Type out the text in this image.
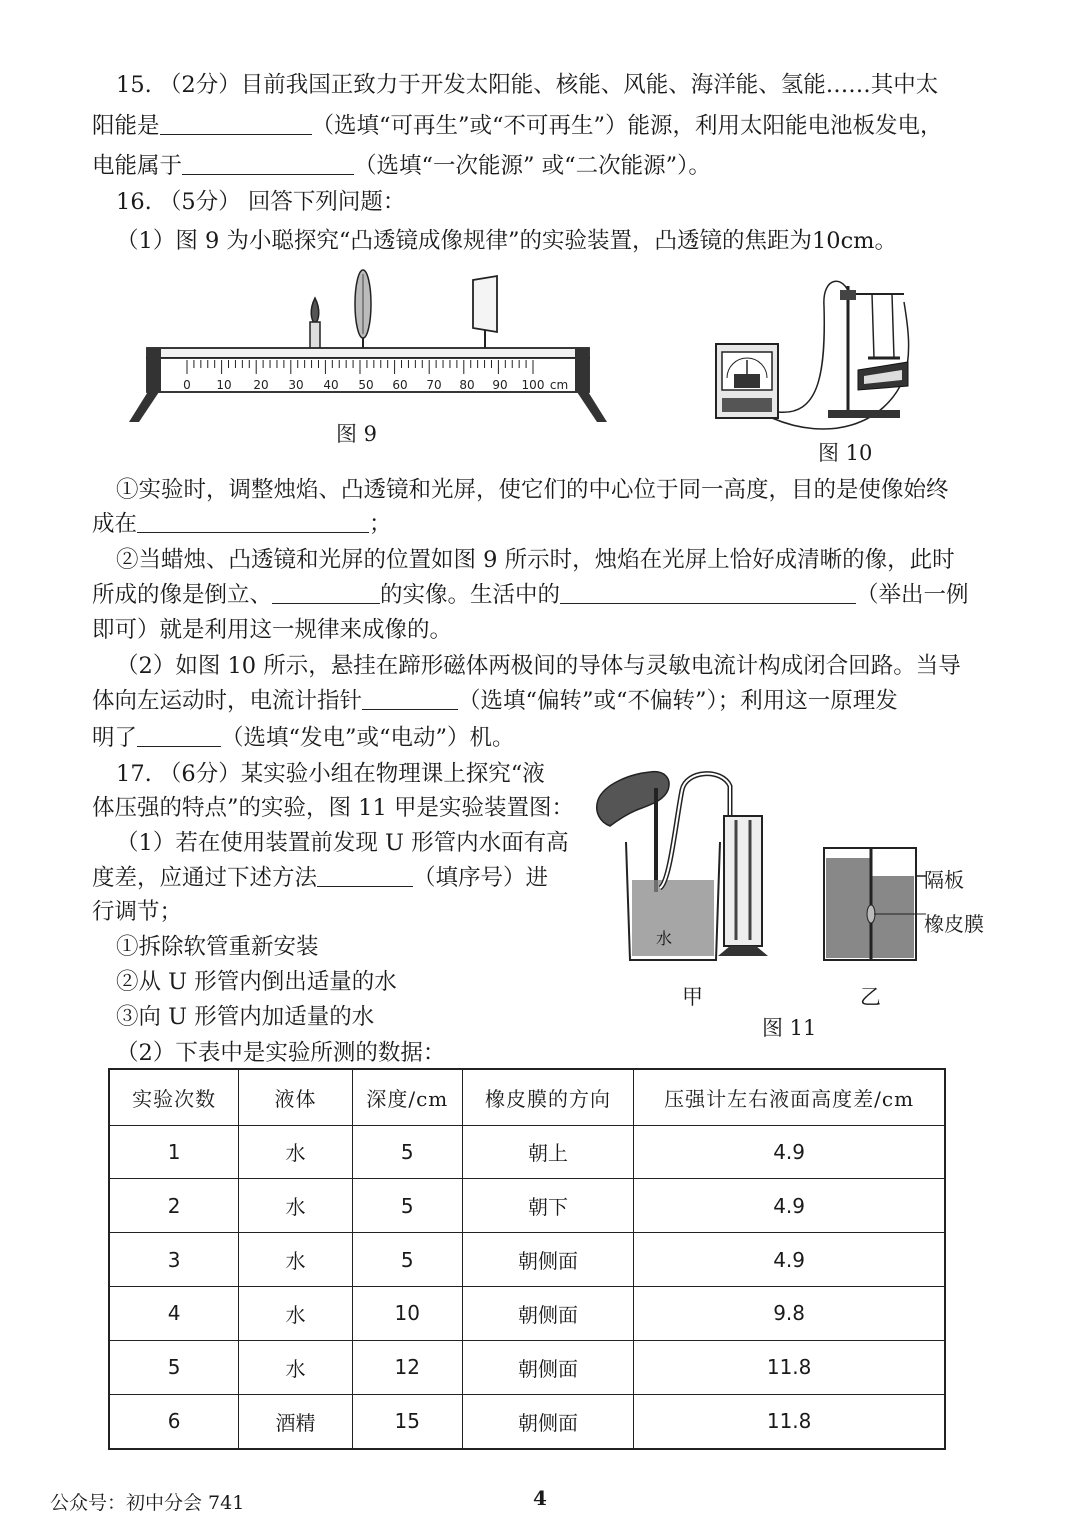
15. （2分）目前我国正致力于开发太阳能、核能、风能、海洋能、氢能……其中太
阳能是	（选填“可再生”或“不可再生”）能源，利用太阳能电池板发电，
电能属于	（选填“一次能源” 或“二次能源”）。
16. （5分） 回答下列问题：
（1）图 9 为小聪探究“凸透镜成像规律”的实验装置，凸透镜的焦距为10cm。
0 10 20 30 40 50 60 70 80 90 100 cm
图 9
图 10
①实验时，调整烛焰、凸透镜和光屏，使它们的中心位于同一高度，目的是使像始终
成在	；
②当蜡烛、凸透镜和光屏的位置如图 9 所示时，烛焰在光屏上恰好成清晰的像，此时
所成的像是倒立、	的实像。生活中的	（举出一例
即可）就是利用这一规律来成像的。
（2）如图 10 所示，悬挂在蹄形磁体两极间的导体与灵敏电流计构成闭合回路。当导
体向左运动时，电流计指针	（选填“偏转”或“不偏转”）；利用这一原理发
明了	（选填“发电”或“电动”）机。
17. （6分）某实验小组在物理课上探究“液
体压强的特点”的实验，图 11 甲是实验装置图：
（1）若在使用装置前发现 U 形管内水面有高
度差，应通过下述方法	（填序号）进
行调节；
①拆除软管重新安装
②从 U 形管内倒出适量的水
③向 U 形管内加适量的水
（2）下表中是实验所测的数据：
水
隔板
橡皮膜
甲	乙
图 11
实验次数	液体	深度/cm	橡皮膜的方向	压强计左右液面高度差/cm
1	水	5	朝上	4.9
2	水	5	朝下	4.9
3	水	5	朝侧面	4.9
4	水	10	朝侧面	9.8
5	水	12	朝侧面	11.8
6	酒精	15	朝侧面	11.8
公众号：初中分会 741	4
